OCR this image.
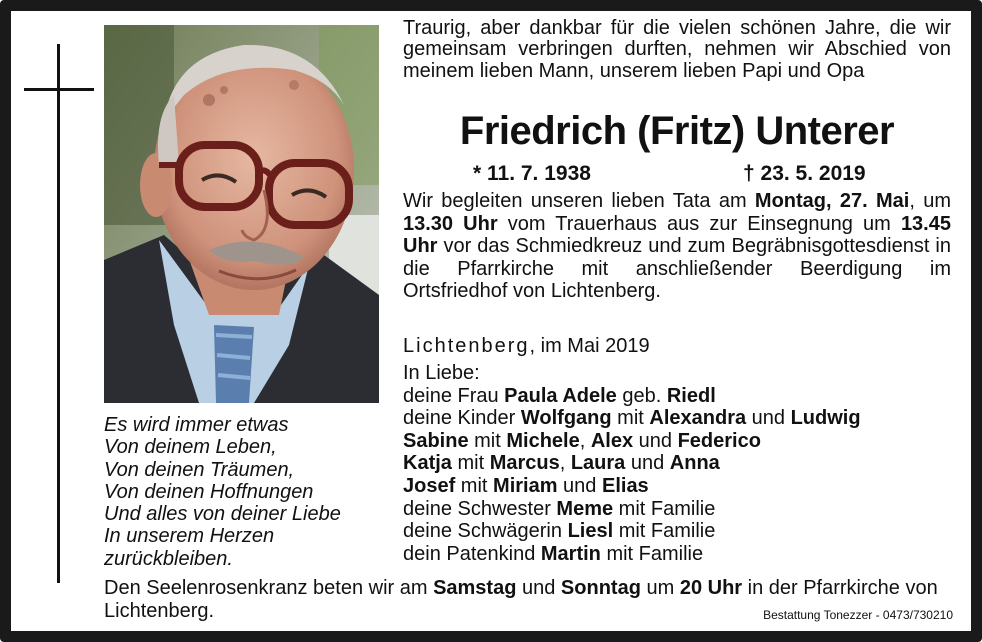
Es wird immer etwas
Von deinem Leben,
Von deinen Träumen,
Von deinen Hoffnungen
Und alles von deiner Liebe
In unserem Herzen
zurückbleiben.
Traurig, aber dankbar für die vielen schönen Jahre, die wir gemeinsam verbringen durften, nehmen wir Abschied von meinem lieben Mann, unserem lieben Papi und Opa
Friedrich (Fritz) Unterer
* 11. 7. 1938	† 23. 5. 2019
Wir begleiten unseren lieben Tata am Montag, 27. Mai, um 13.30 Uhr vom Trauerhaus aus zur Einsegnung um 13.45 Uhr vor das Schmiedkreuz und zum Begräbnisgottesdienst in die Pfarrkirche mit anschließender Beerdigung im Ortsfriedhof von Lichtenberg.
Lichtenberg, im Mai 2019
In Liebe:
deine Frau Paula Adele geb. Riedl
deine Kinder Wolfgang mit Alexandra und Ludwig
Sabine mit Michele, Alex und Federico
Katja mit Marcus, Laura und Anna
Josef mit Miriam und Elias
deine Schwester Meme mit Familie
deine Schwägerin Liesl mit Familie
dein Patenkind Martin mit Familie
Den Seelenrosenkranz beten wir am Samstag und Sonntag um 20 Uhr in der Pfarrkirche von Lichtenberg.	Bestattung Tonezzer - 0473/730210
